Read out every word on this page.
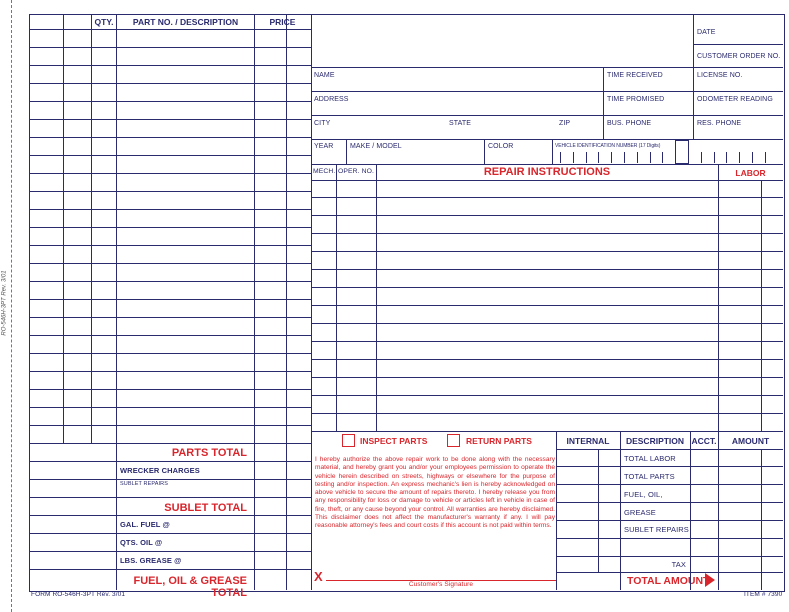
RO-546H-3PT Rev. 3/01
QTY.	PART NO. / DESCRIPTION	PRICE
PARTS TOTAL
WRECKER CHARGES
SUBLET REPAIRS
SUBLET TOTAL
GAL. FUEL @
QTS. OIL @
LBS. GREASE @
FUEL, OIL & GREASE TOTAL
DATE
CUSTOMER ORDER NO.
NAME	TIME RECEIVED	LICENSE NO.
ADDRESS	TIME PROMISED	ODOMETER READING
CITY	STATE	ZIP	BUS. PHONE	RES. PHONE
YEAR MAKE / MODEL	COLOR	VEHICLE IDENTIFICATION NUMBER (17 Digits)
MECH. OPER. NO.	REPAIR INSTRUCTIONS	LABOR
INSPECT PARTS	RETURN PARTS
I hereby authorize the above repair work to be done along with the necessary material, and hereby grant you and/or your employees permission to operate the vehicle herein described on streets, highways or elsewhere for the purpose of testing and/or inspection. An express mechanic's lien is hereby acknowledged on above vehicle to secure the amount of repairs thereto. I hereby release you from any responsibility for loss or damage to vehicle or articles left in vehicle in case of fire, theft, or any cause beyond your control. All warranties are hereby disclaimed. This disclaimer does not affect the manufacturer's warranty if any. I will pay reasonable attorney's fees and court costs if this account is not paid within terms.
X
Customer's Signature
INTERNAL	DESCRIPTION ACCT.	AMOUNT
TOTAL LABOR
TOTAL PARTS
FUEL, OIL,
GREASE
SUBLET REPAIRS
TAX
TOTAL AMOUNT
FORM RO-546H-3PT Rev. 3/01	ITEM # 7390
